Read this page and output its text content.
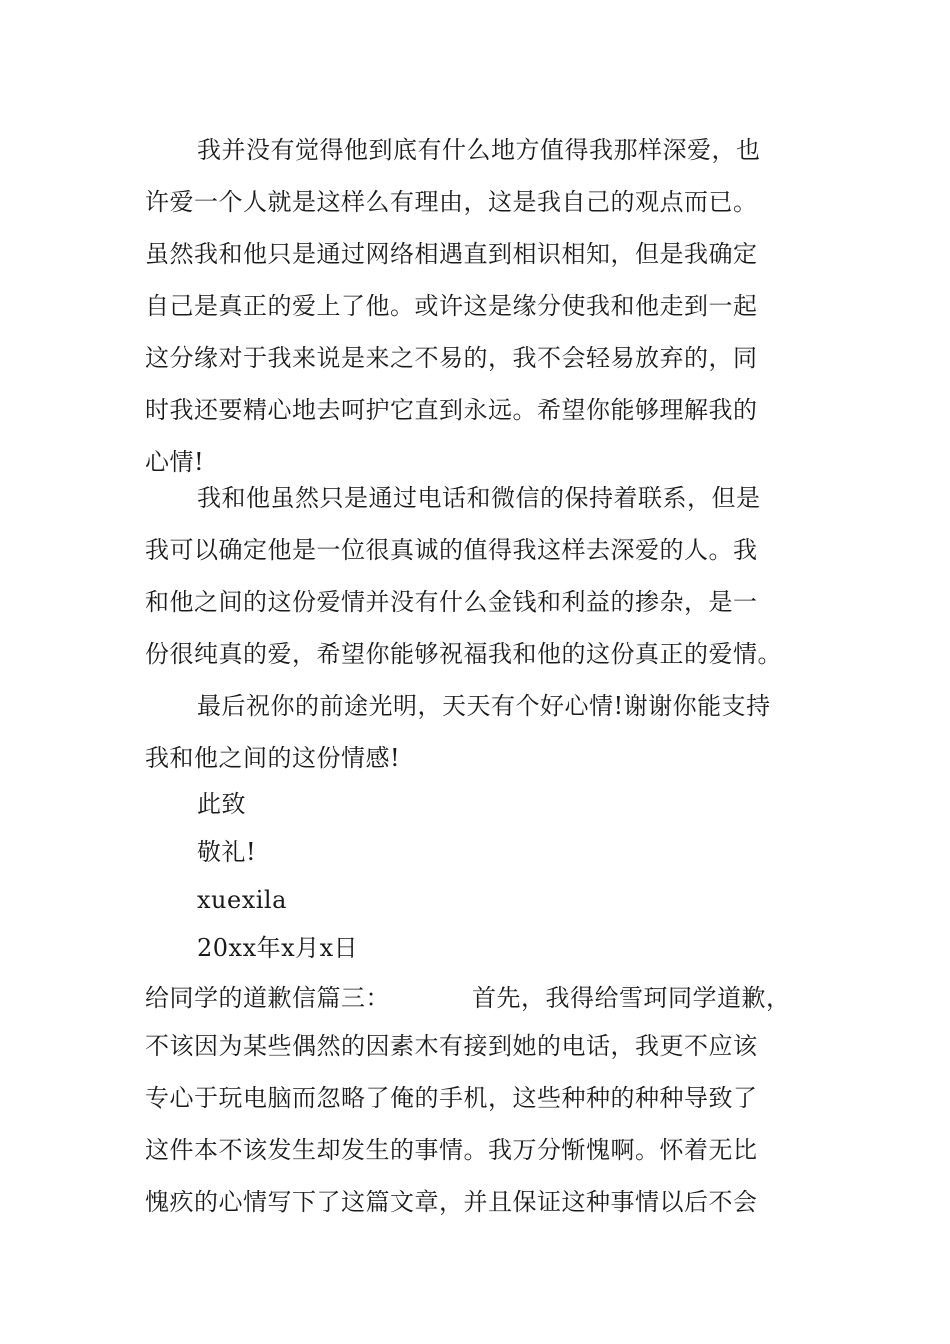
我并没有觉得他到底有什么地方值得我那样深爱，也
许爱一个人就是这样么有理由，这是我自己的观点而已。
虽然我和他只是通过网络相遇直到相识相知，但是我确定
自己是真正的爱上了他。或许这是缘分使我和他走到一起
这分缘对于我来说是来之不易的，我不会轻易放弃的，同
时我还要精心地去呵护它直到永远。希望你能够理解我的
心情!
我和他虽然只是通过电话和微信的保持着联系，但是
我可以确定他是一位很真诚的值得我这样去深爱的人。我
和他之间的这份爱情并没有什么金钱和利益的掺杂，是一
份很纯真的爱，希望你能够祝福我和他的这份真正的爱情。
最后祝你的前途光明，天天有个好心情!谢谢你能支持
我和他之间的这份情感!
此致
敬礼!
xuexila
20xx年x月x日
给同学的道歉信篇三：	首先，我得给雪珂同学道歉，
不该因为某些偶然的因素木有接到她的电话，我更不应该
专心于玩电脑而忽略了俺的手机，这些种种的种种导致了
这件本不该发生却发生的事情。我万分惭愧啊。怀着无比
愧疚的心情写下了这篇文章，并且保证这种事情以后不会
